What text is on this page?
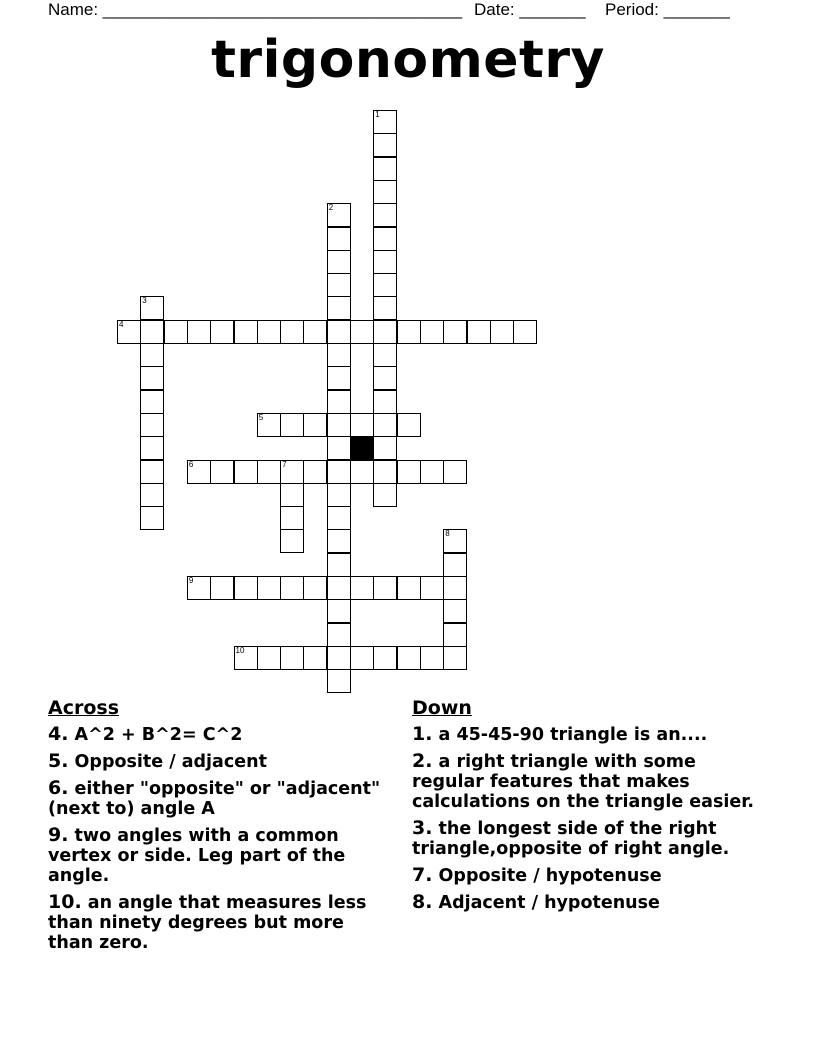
Name: ______________________________________ Date: _______ Period: _______
trigonometry
1
2
3
4
5
6	7
8
9
10
Across
4. A^2 + B^2= C^2
5. Opposite / adjacent
6. either "opposite" or "adjacent" (next to) angle A
9. two angles with a common vertex or side. Leg part of the angle.
10. an angle that measures less than ninety degrees but more than zero.
Down
1. a 45-45-90 triangle is an....
2. a right triangle with some regular features that makes calculations on the triangle easier.
3. the longest side of the right triangle,opposite of right angle.
7. Opposite / hypotenuse
8. Adjacent / hypotenuse
